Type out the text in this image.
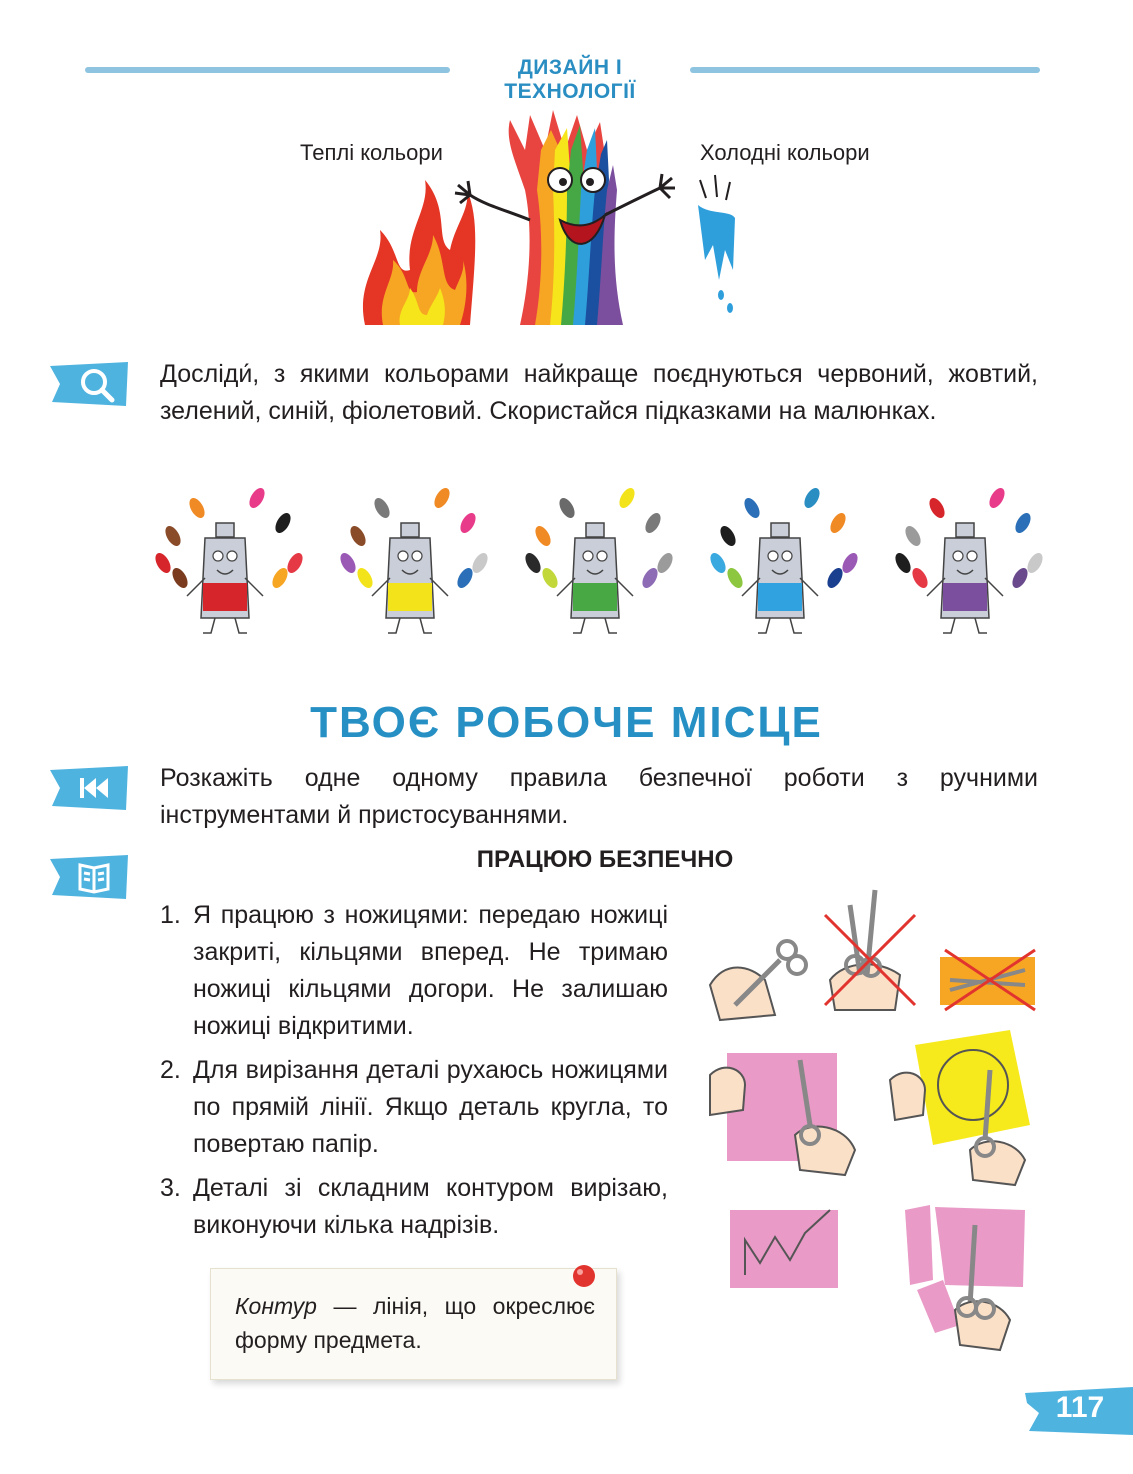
ДИЗАЙН І ТЕХНОЛОГІЇ
Теплі кольори	Холодні кольори
Досліди́, з якими кольорами найкраще поєднуються червоний, жовтий, зелений, синій, фіолетовий. Скористайся підказками на малюнках.
ТВОЄ РОБОЧЕ МІСЦЕ
Розкажіть одне одному правила безпечної роботи з ручними інструментами й пристосуваннями.
ПРАЦЮЮ БЕЗПЕЧНО
1. Я працюю з ножицями: передаю ножиці закриті, кільцями вперед. Не тримаю ножиці кільцями догори. Не залишаю ножиці відкритими.
2. Для вирізання деталі рухаюсь ножицями по прямій лінії. Якщо деталь кругла, то повертаю папір.
3. Деталі зі складним контуром вирізаю, виконуючи кілька надрізів.
Контур — лінія, що окреслює форму предмета.
117
